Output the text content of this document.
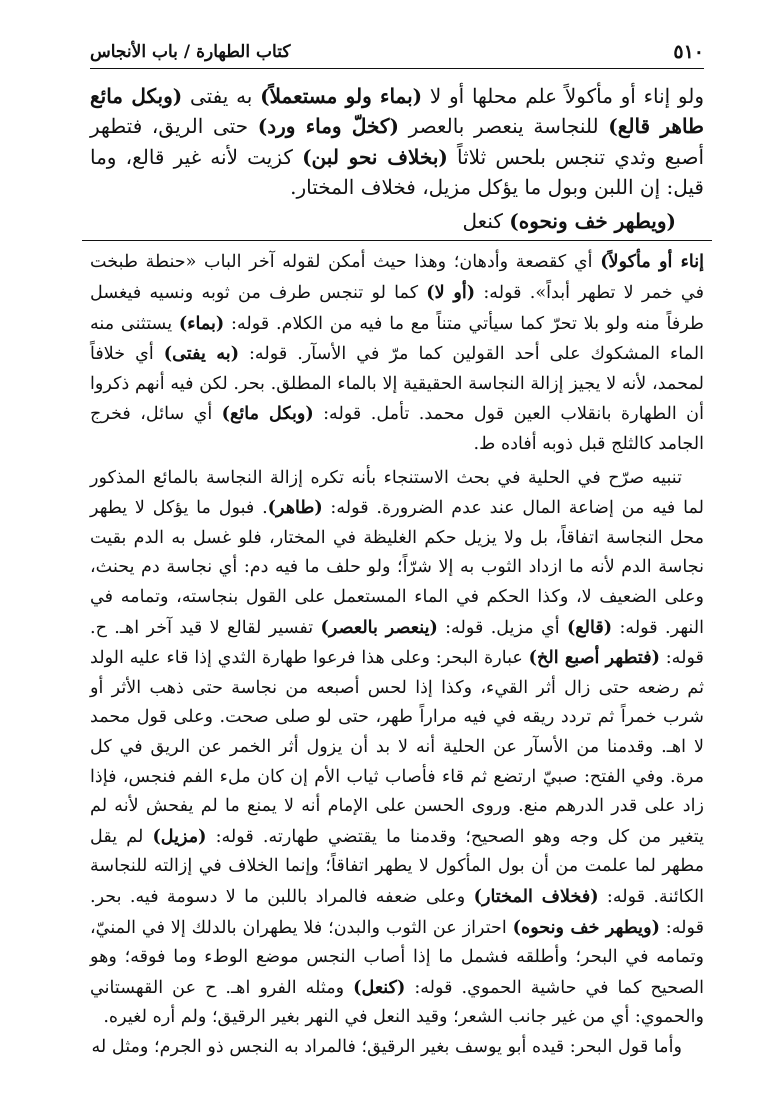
٥١٠
كتاب الطهارة
/
باب الأنجاس

ولو إناء أو مأكولاً علم محلها أو لا (بماء ولو مستعملاً) به يفتى (وبكل مائع طاهر قالع) للنجاسة ينعصر بالعصر (كخلّ وماء ورد) حتى الريق، فتطهر أصبع وثدي تنجس بلحس ثلاثاً (بخلاف نحو لبن) كزيت لأنه غير قالع، وما قيل: إن اللبن وبول ما يؤكل مزيل، فخلاف المختار.

(ويطهر خف ونحوه) كنعل

إناء أو مأكولاً) أي كقصعة وأدهان؛ وهذا حيث أمكن لقوله آخر الباب «حنطة طبخت في خمر لا تطهر أبداً». قوله: (أو لا) كما لو تنجس طرف من ثوبه ونسيه فيغسل طرفاً منه ولو بلا تحرّ كما سيأتي متناً مع ما فيه من الكلام. قوله: (بماء) يستثنى منه الماء المشكوك على أحد القولين كما مرّ في الأسآر. قوله: (به يفتى) أي خلافاً لمحمد، لأنه لا يجيز إزالة النجاسة الحقيقية إلا بالماء المطلق. بحر. لكن فيه أنهم ذكروا أن الطهارة بانقلاب العين قول محمد. تأمل. قوله: (وبكل مائع) أي سائل، فخرج الجامد كالثلج قبل ذوبه أفاده ط.

تنبيه صرّح في الحلية في بحث الاستنجاء بأنه تكره إزالة النجاسة بالمائع المذكور لما فيه من إضاعة المال عند عدم الضرورة. قوله: (طاهر). فبول ما يؤكل لا يطهر محل النجاسة اتفاقاً، بل ولا يزيل حكم الغليظة في المختار، فلو غسل به الدم بقيت نجاسة الدم لأنه ما ازداد الثوب به إلا شرّاً؛ ولو حلف ما فيه دم: أي نجاسة دم يحنث، وعلى الضعيف لا، وكذا الحكم في الماء المستعمل على القول بنجاسته، وتمامه في النهر. قوله: (قالع) أي مزيل. قوله: (ينعصر بالعصر) تفسير لقالع لا قيد آخر اهـ. ح. قوله: (فتطهر أصبع الخ) عبارة البحر: وعلى هذا فرعوا طهارة الثدي إذا قاء عليه الولد ثم رضعه حتى زال أثر القيء، وكذا إذا لحس أصبعه من نجاسة حتى ذهب الأثر أو شرب خمراً ثم تردد ريقه في فيه مراراً طهر، حتى لو صلى صحت. وعلى قول محمد لا اهـ. وقدمنا من الأسآر عن الحلية أنه لا بد أن يزول أثر الخمر عن الريق في كل مرة. وفي الفتح: صبيّ ارتضع ثم قاء فأصاب ثياب الأم إن كان ملء الفم فنجس، فإذا زاد على قدر الدرهم منع. وروى الحسن على الإمام أنه لا يمنع ما لم يفحش لأنه لم يتغير من كل وجه وهو الصحيح؛ وقدمنا ما يقتضي طهارته. قوله: (مزيل) لم يقل مطهر لما علمت من أن بول المأكول لا يطهر اتفاقاً؛ وإنما الخلاف في إزالته للنجاسة الكائنة. قوله: (فخلاف المختار) وعلى ضعفه فالمراد باللبن ما لا دسومة فيه. بحر. قوله: (ويطهر خف ونحوه) احتراز عن الثوب والبدن؛ فلا يطهران بالدلك إلا في المنيّ، وتمامه في البحر؛ وأطلقه فشمل ما إذا أصاب النجس موضع الوطء وما فوقه؛ وهو الصحيح كما في حاشية الحموي. قوله: (كنعل) ومثله الفرو اهـ. ح عن القهستاني والحموي: أي من غير جانب الشعر؛ وقيد النعل في النهر بغير الرقيق؛ ولم أره لغيره.

وأما قول البحر: قيده أبو يوسف بغير الرقيق؛ فالمراد به النجس ذو الجرم؛ ومثل له
